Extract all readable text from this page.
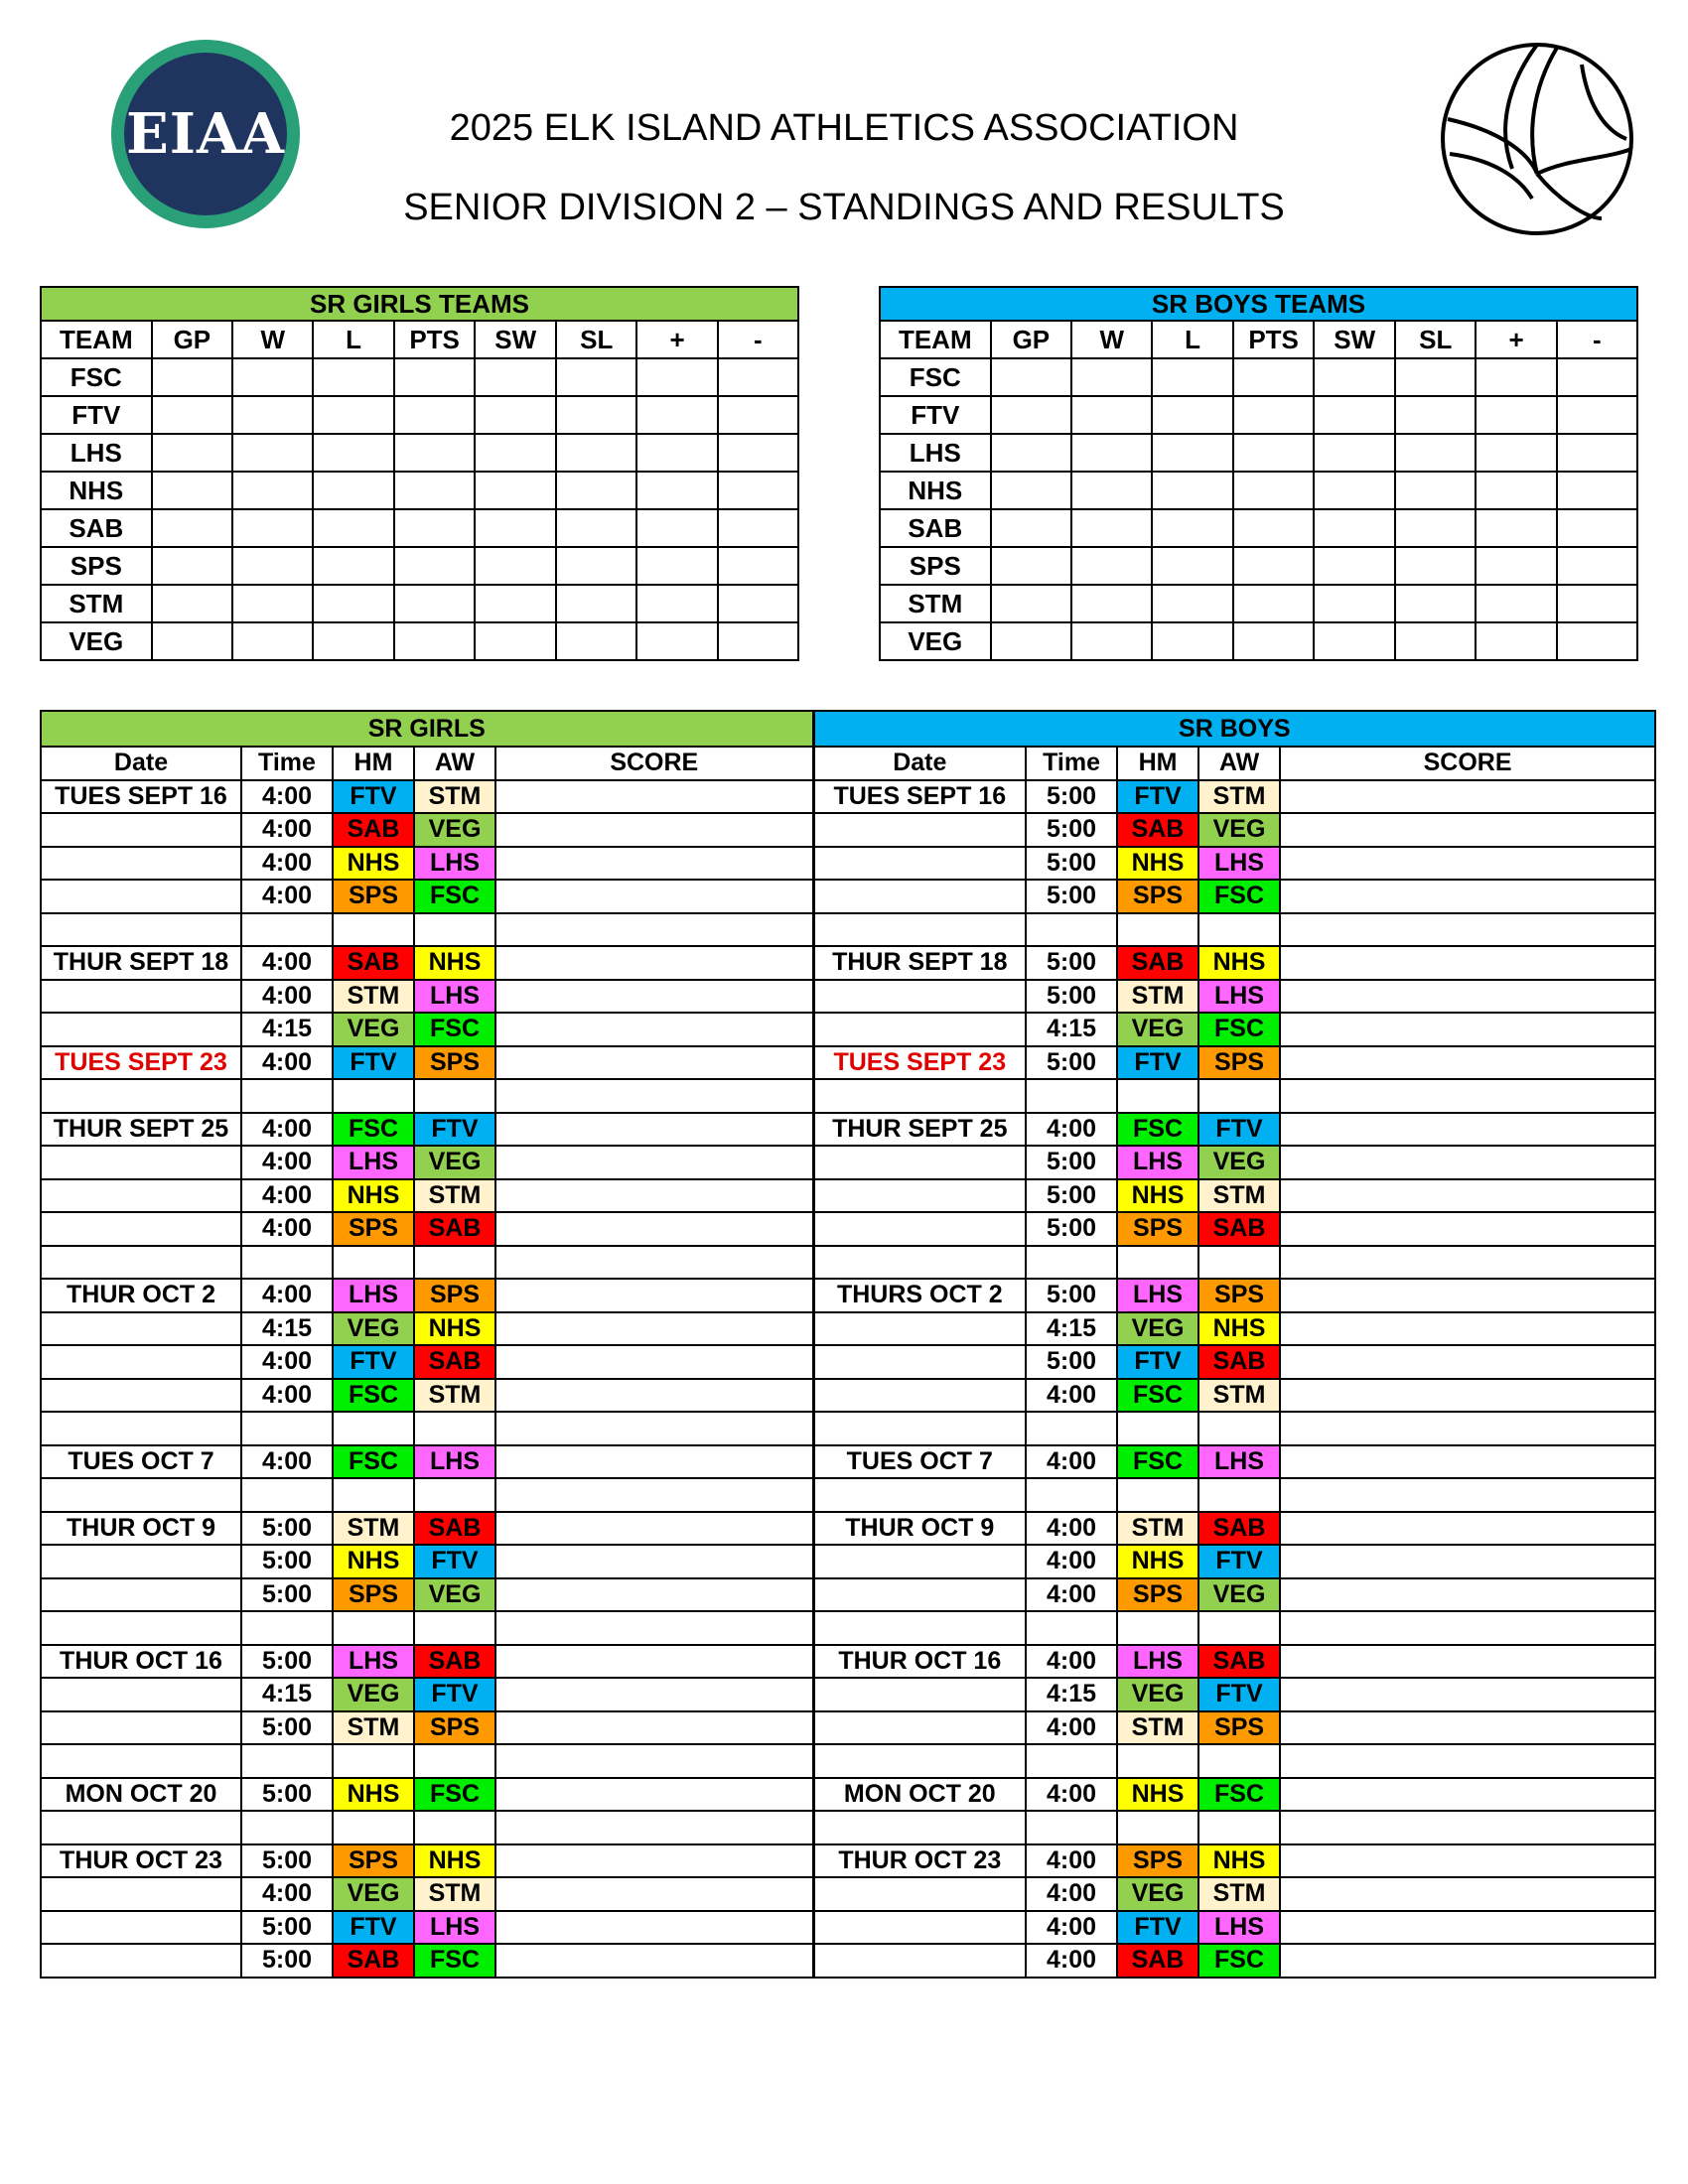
EIAA	2025 ELK ISLAND ATHLETICS ASSOCIATION
SENIOR DIVISION 2 – STANDINGS AND RESULTS
SR GIRLS TEAMS								
TEAM	GP	W	L	PTS	SW	SL	+	-
FSC								
FTV								
LHS								
NHS								
SAB								
SPS								
STM								
VEG								
SR BOYS TEAMS								
TEAM	GP	W	L	PTS	SW	SL	+	-
FSC								
FTV								
LHS								
NHS								
SAB								
SPS								
STM								
VEG								
SR GIRLS					SR BOYS				
Date	Time	HM	AW	SCORE	Date	Time	HM	AW	SCORE
TUES SEPT 16	4:00	FTV	STM		TUES SEPT 16	5:00	FTV	STM	
	4:00	SAB	VEG			5:00	SAB	VEG	
	4:00	NHS	LHS			5:00	NHS	LHS	
	4:00	SPS	FSC			5:00	SPS	FSC	

THUR SEPT 18	4:00	SAB	NHS		THUR SEPT 18	5:00	SAB	NHS	
	4:00	STM	LHS			5:00	STM	LHS	
	4:15	VEG	FSC			4:15	VEG	FSC	
TUES SEPT 23	4:00	FTV	SPS		TUES SEPT 23	5:00	FTV	SPS	

THUR SEPT 25	4:00	FSC	FTV		THUR SEPT 25	4:00	FSC	FTV	
	4:00	LHS	VEG			5:00	LHS	VEG	
	4:00	NHS	STM			5:00	NHS	STM	
	4:00	SPS	SAB			5:00	SPS	SAB	

THUR OCT 2	4:00	LHS	SPS		THURS OCT 2	5:00	LHS	SPS	
	4:15	VEG	NHS			4:15	VEG	NHS	
	4:00	FTV	SAB			5:00	FTV	SAB	
	4:00	FSC	STM			4:00	FSC	STM	

TUES OCT 7	4:00	FSC	LHS		TUES OCT 7	4:00	FSC	LHS	

THUR OCT 9	5:00	STM	SAB		THUR OCT 9	4:00	STM	SAB	
	5:00	NHS	FTV			4:00	NHS	FTV	
	5:00	SPS	VEG			4:00	SPS	VEG	

THUR OCT 16	5:00	LHS	SAB		THUR OCT 16	4:00	LHS	SAB	
	4:15	VEG	FTV			4:15	VEG	FTV	
	5:00	STM	SPS			4:00	STM	SPS	

MON OCT 20	5:00	NHS	FSC		MON OCT 20	4:00	NHS	FSC	

THUR OCT 23	5:00	SPS	NHS		THUR OCT 23	4:00	SPS	NHS	
	4:00	VEG	STM			4:00	VEG	STM	
	5:00	FTV	LHS			4:00	FTV	LHS	
	5:00	SAB	FSC			4:00	SAB	FSC	
